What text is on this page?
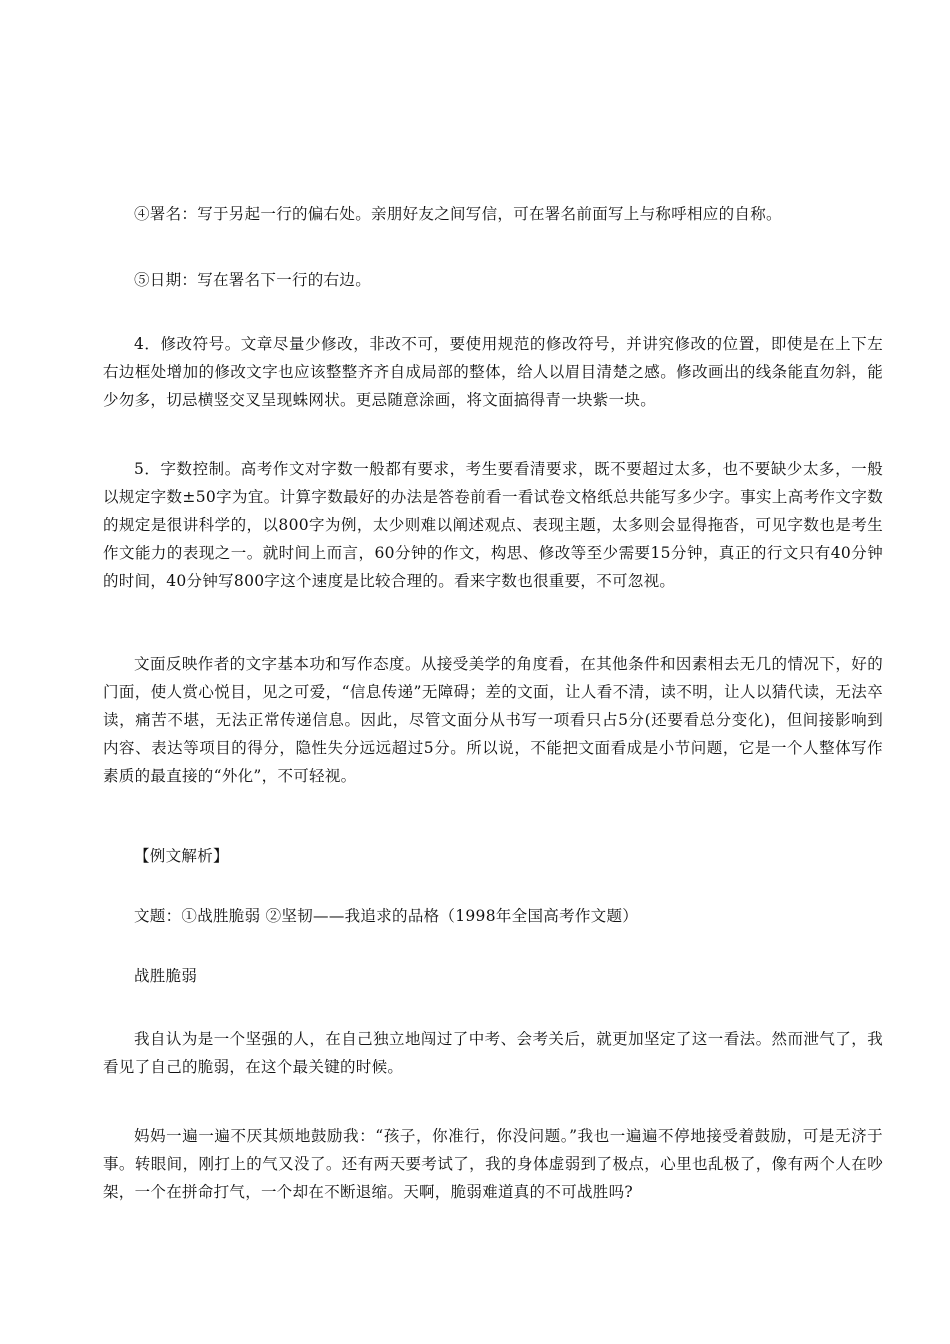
④署名：写于另起一行的偏右处。亲朋好友之间写信，可在署名前面写上与称呼相应的自称。

⑤日期：写在署名下一行的右边。

4．修改符号。文章尽量少修改，非改不可，要使用规范的修改符号，并讲究修改的位置，即使是在上下左右边框处增加的修改文字也应该整整齐齐自成局部的整体，给人以眉目清楚之感。修改画出的线条能直勿斜，能少勿多，切忌横竖交叉呈现蛛网状。更忌随意涂画，将文面搞得青一块紫一块。

5．字数控制。高考作文对字数一般都有要求，考生要看清要求，既不要超过太多，也不要缺少太多，一般以规定字数±50字为宜。计算字数最好的办法是答卷前看一看试卷文格纸总共能写多少字。事实上高考作文字数的规定是很讲科学的，以800字为例，太少则难以阐述观点、表现主题，太多则会显得拖沓，可见字数也是考生作文能力的表现之一。就时间上而言，60分钟的作文，构思、修改等至少需要15分钟，真正的行文只有40分钟的时间，40分钟写800字这个速度是比较合理的。看来字数也很重要，不可忽视。

文面反映作者的文字基本功和写作态度。从接受美学的角度看，在其他条件和因素相去无几的情况下，好的门面，使人赏心悦目，见之可爱，“信息传递”无障碍；差的文面，让人看不清，读不明，让人以猜代读，无法卒读，痛苦不堪，无法正常传递信息。因此，尽管文面分从书写一项看只占5分(还要看总分变化)，但间接影响到内容、表达等项目的得分，隐性失分远远超过5分。所以说，不能把文面看成是小节问题，它是一个人整体写作素质的最直接的“外化”，不可轻视。

【例文解析】

文题：①战胜脆弱 ②坚韧——我追求的品格（1998年全国高考作文题）

战胜脆弱

我自认为是一个坚强的人，在自己独立地闯过了中考、会考关后，就更加坚定了这一看法。然而泄气了，我看见了自己的脆弱，在这个最关键的时候。

妈妈一遍一遍不厌其烦地鼓励我：“孩子，你准行，你没问题。”我也一遍遍不停地接受着鼓励，可是无济于事。转眼间，刚打上的气又没了。还有两天要考试了，我的身体虚弱到了极点，心里也乱极了，像有两个人在吵架，一个在拼命打气，一个却在不断退缩。天啊，脆弱难道真的不可战胜吗?
